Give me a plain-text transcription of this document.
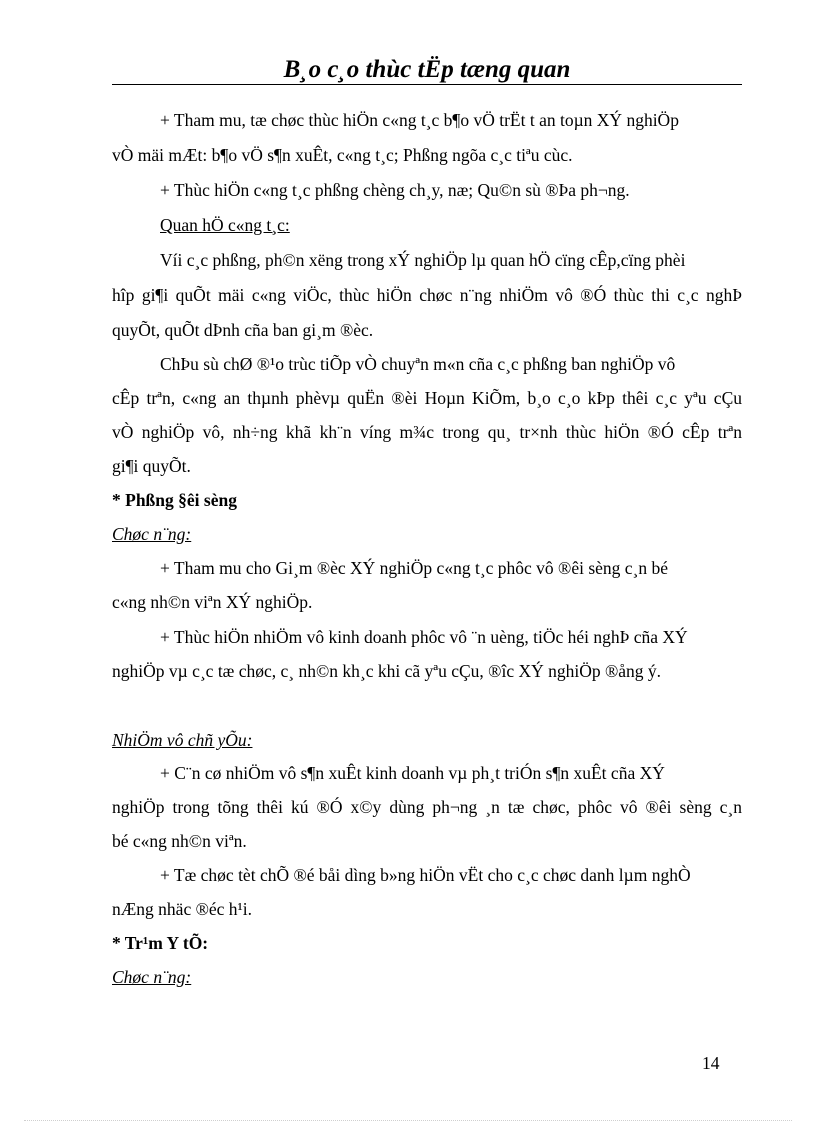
B¸o c¸o thùc tËp tæng quan
+ Tham mu, tæ chøc thùc hiÖn c«ng t¸c b¶o vÖ trËt t an toµn XÝ nghiÖp
vÒ mäi mÆt: b¶o vÖ s¶n xuÊt, c«ng t¸c; Phßng ngõa c¸c tiªu cùc.
+ Thùc hiÖn c«ng t¸c phßng chèng ch¸y, næ; Qu©n sù ®Þa ph¬ng.
Quan hÖ c«ng t¸c:
Víi c¸c phßng, ph©n xëng trong xÝ nghiÖp lµ quan hÖ cïng cÊp,cïng phèi
hîp gi¶i quÕt mäi c«ng viÖc, thùc hiÖn chøc n¨ng nhiÖm vô ®Ó thùc thi c¸c nghÞ
quyÕt, quÕt dÞnh cña ban gi¸m ®èc.
ChÞu sù chØ ®¹o trùc tiÕp vÒ chuyªn m«n cña c¸c phßng ban nghiÖp vô
cÊp trªn, c«ng an thµnh phèvµ quËn ®èi Hoµn KiÕm, b¸o c¸o kÞp thêi c¸c yªu cÇu
vÒ nghiÖp vô, nh÷ng khã kh¨n víng m¾c trong qu¸ tr×nh thùc hiÖn ®Ó cÊp trªn
gi¶i quyÕt.
* Phßng §êi sèng
Chøc n¨ng:
+ Tham mu cho Gi¸m ®èc XÝ nghiÖp c«ng t¸c phôc vô ®êi sèng c¸n bé
c«ng nh©n viªn XÝ nghiÖp.
+ Thùc hiÖn nhiÖm vô kinh doanh phôc vô ¨n uèng, tiÖc héi nghÞ cña XÝ
nghiÖp vµ c¸c tæ chøc, c¸ nh©n kh¸c khi cã yªu cÇu, ®îc XÝ nghiÖp ®ång ý.
NhiÖm vô chñ yÕu:
+ C¨n cø nhiÖm vô s¶n xuÊt kinh doanh vµ ph¸t triÓn s¶n xuÊt cña XÝ
nghiÖp trong tõng thêi kú ®Ó x©y dùng ph¬ng ¸n tæ chøc, phôc vô ®êi sèng c¸n
bé c«ng nh©n viªn.
+ Tæ chøc tèt chÕ ®é båi dìng b»ng hiÖn vËt cho c¸c chøc danh lµm nghÒ
nÆng nhäc ®éc h¹i.
* Tr¹m Y tÕ:
Chøc n¨ng:
14
